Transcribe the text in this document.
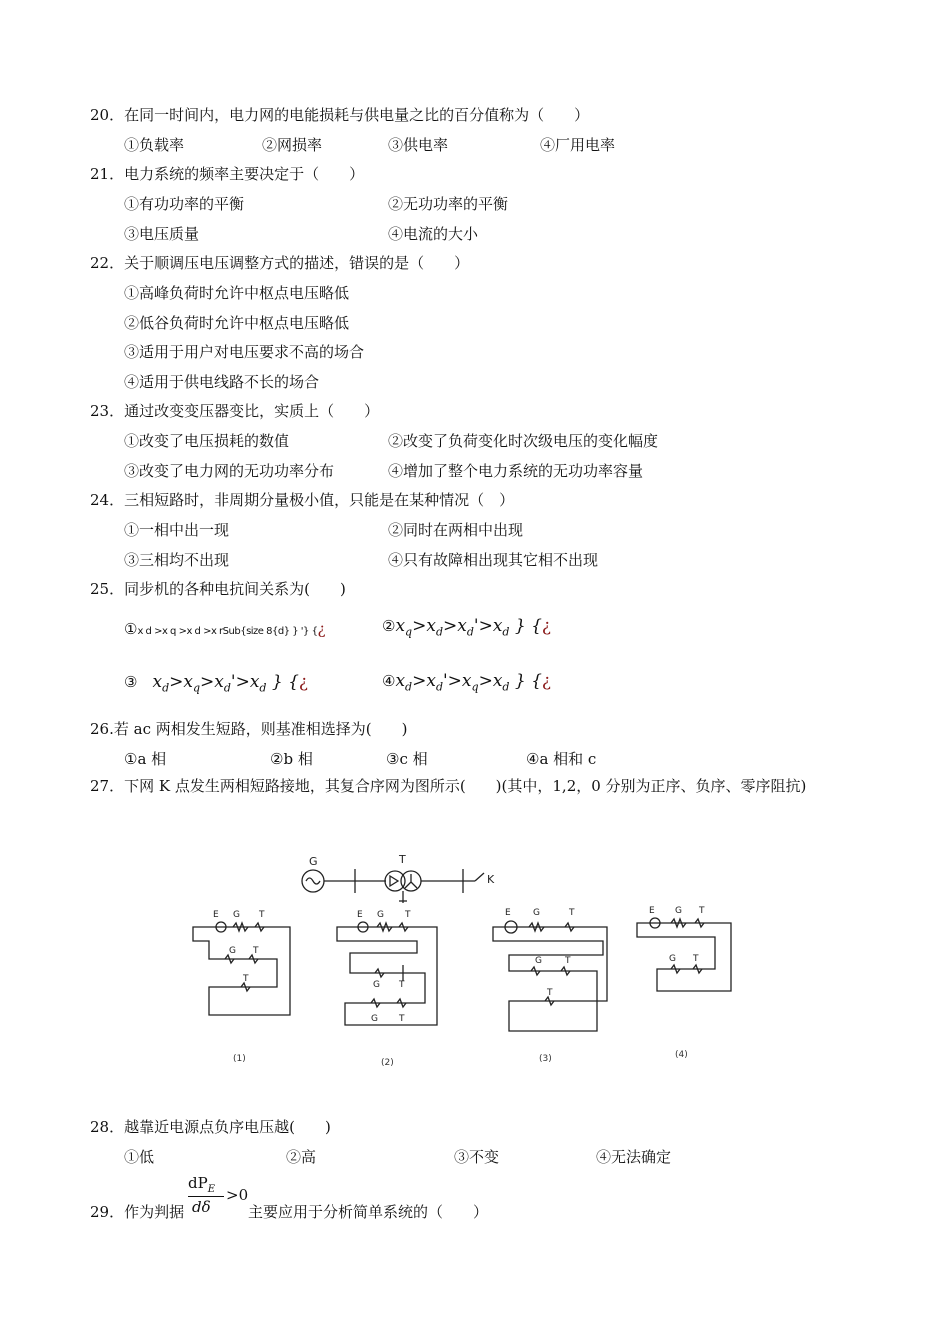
20．在同一时间内，电力网的电能损耗与供电量之比的百分值称为（　　）
①负载率	②网损率	③供电率	④厂用电率
21．电力系统的频率主要决定于（　　）
①有功功率的平衡	②无功功率的平衡
③电压质量	④电流的大小
22．关于顺调压电压调整方式的描述，错误的是（　　）
①高峰负荷时允许中枢点电压略低
②低谷负荷时允许中枢点电压略低
③适用于用户对电压要求不高的场合
④适用于供电线路不长的场合
23．通过改变变压器变比，实质上（　　）
①改变了电压损耗的数值	②改变了负荷变化时次级电压的变化幅度
③改变了电力网的无功功率分布	④增加了整个电力系统的无功功率容量
24．三相短路时，非周期分量极小值，只能是在某种情况（　）
①一相中出一现	②同时在两相中出现
③三相均不出现	④只有故障相出现其它相不出现
25．同步机的各种电抗间关系为(　　)
①x d >x q >x d >x rSub{size 8{d} } '} {¿	$②x_q>x_d>x_d'>x_d$ } {¿
③　 $x_d>x_q>x_d'>x_d$ } {¿	$④x_d>x_d'>x_q>x_d$ } {¿
26.若 ac 两相发生短路，则基准相选择为(　　)
①a 相	②b 相	③c 相	④a 相和 c
27．下网 K 点发生两相短路接地，其复合序网为图所示(　　)(其中，1,2，0 分别为正序、负序、零序阻抗)
G	T
K
E G T
G T
T
E G T
G T
G T
E G	T
G	T
T
E G T
G T
(1)	(2)	(3)	(4)
28．越靠近电源点负序电压越(　　)
①低	②高	③不变	④无法确定
29．作为判据
$dP_E$
dδ
>0
主要应用于分析简单系统的（　　）
